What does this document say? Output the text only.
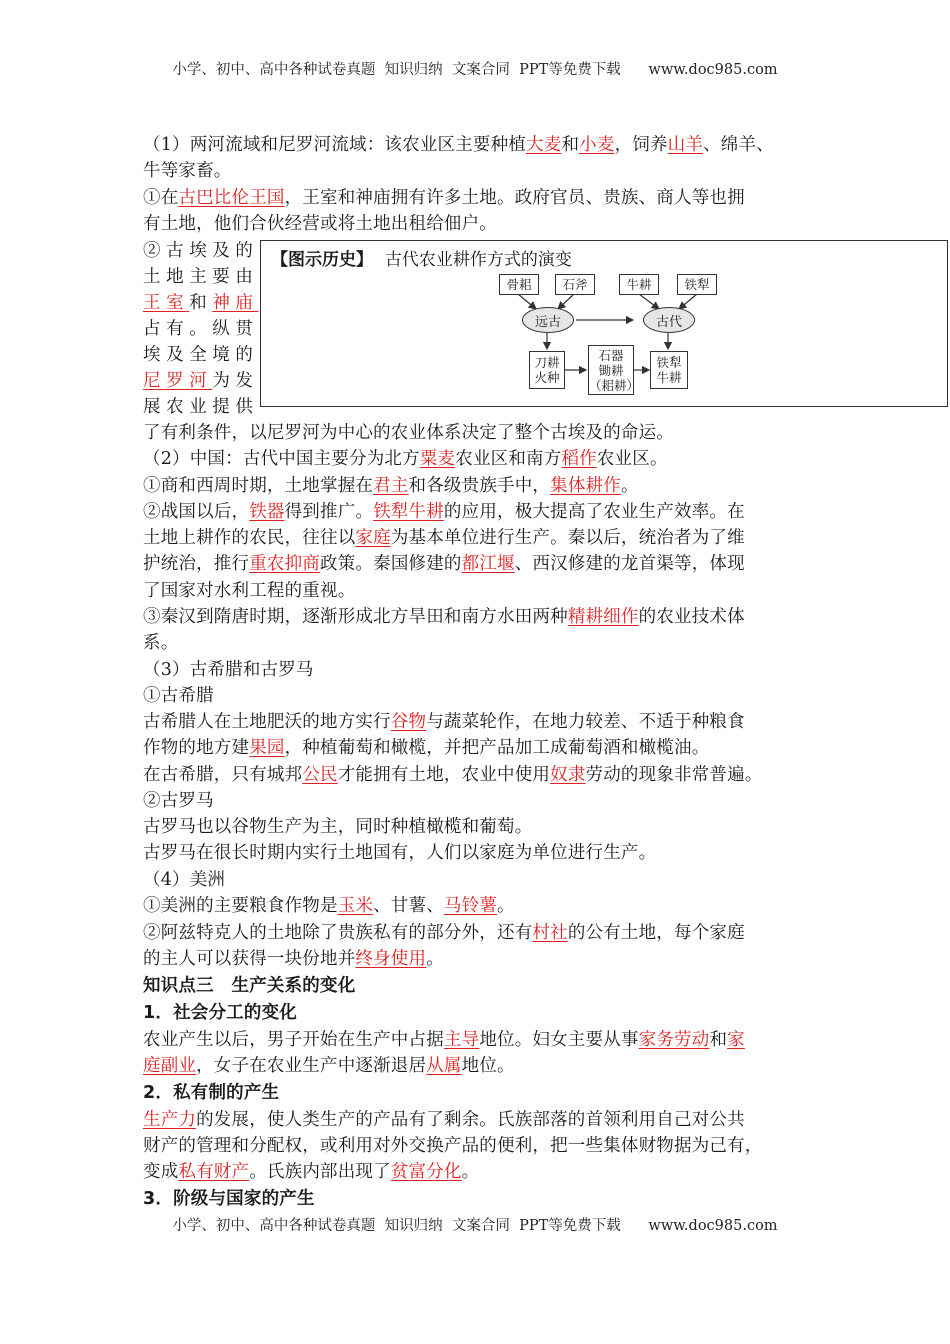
小学、初中、高中各种试卷真题  知识归纳  文案合同  PPT等免费下载      www.doc985.com
（1）两河流域和尼罗河流域：该农业区主要种植大麦和小麦，饲养山羊、绵羊、
牛等家畜。
①在古巴比伦王国，王室和神庙拥有许多土地。政府官员、贵族、商人等也拥
有土地，他们合伙经营或将土地出租给佃户。
②古埃及的
土地主要由
王室和神庙
占有。纵贯
埃及全境的
尼罗河为发
展农业提供
了有利条件，以尼罗河为中心的农业体系决定了整个古埃及的命运。
【图示历史】 古代农业耕作方式的演变
骨耜	石斧	牛耕	铁犁
远古	古代
刀耕
火种
石器
锄耕
（耜耕）
铁犁
牛耕
（2）中国：古代中国主要分为北方粟麦农业区和南方稻作农业区。
①商和西周时期，土地掌握在君主和各级贵族手中，集体耕作。
②战国以后，铁器得到推广。铁犁牛耕的应用，极大提高了农业生产效率。在
土地上耕作的农民，往往以家庭为基本单位进行生产。秦以后，统治者为了维
护统治，推行重农抑商政策。秦国修建的都江堰、西汉修建的龙首渠等，体现
了国家对水利工程的重视。
③秦汉到隋唐时期，逐渐形成北方旱田和南方水田两种精耕细作的农业技术体
系。
（3）古希腊和古罗马
①古希腊
古希腊人在土地肥沃的地方实行谷物与蔬菜轮作，在地力较差、不适于种粮食
作物的地方建果园，种植葡萄和橄榄，并把产品加工成葡萄酒和橄榄油。
在古希腊，只有城邦公民才能拥有土地，农业中使用奴隶劳动的现象非常普遍。
②古罗马
古罗马也以谷物生产为主，同时种植橄榄和葡萄。
古罗马在很长时期内实行土地国有，人们以家庭为单位进行生产。
（4）美洲
①美洲的主要粮食作物是玉米、甘薯、马铃薯。
②阿兹特克人的土地除了贵族私有的部分外，还有村社的公有土地，每个家庭
的主人可以获得一块份地并终身使用。
知识点三　生产关系的变化
1．社会分工的变化
农业产生以后，男子开始在生产中占据主导地位。妇女主要从事家务劳动和家
庭副业，女子在农业生产中逐渐退居从属地位。
2．私有制的产生
生产力的发展，使人类生产的产品有了剩余。氏族部落的首领利用自己对公共
财产的管理和分配权，或利用对外交换产品的便利，把一些集体财物据为己有，
变成私有财产。氏族内部出现了贫富分化。
3．阶级与国家的产生
小学、初中、高中各种试卷真题  知识归纳  文案合同  PPT等免费下载      www.doc985.com
